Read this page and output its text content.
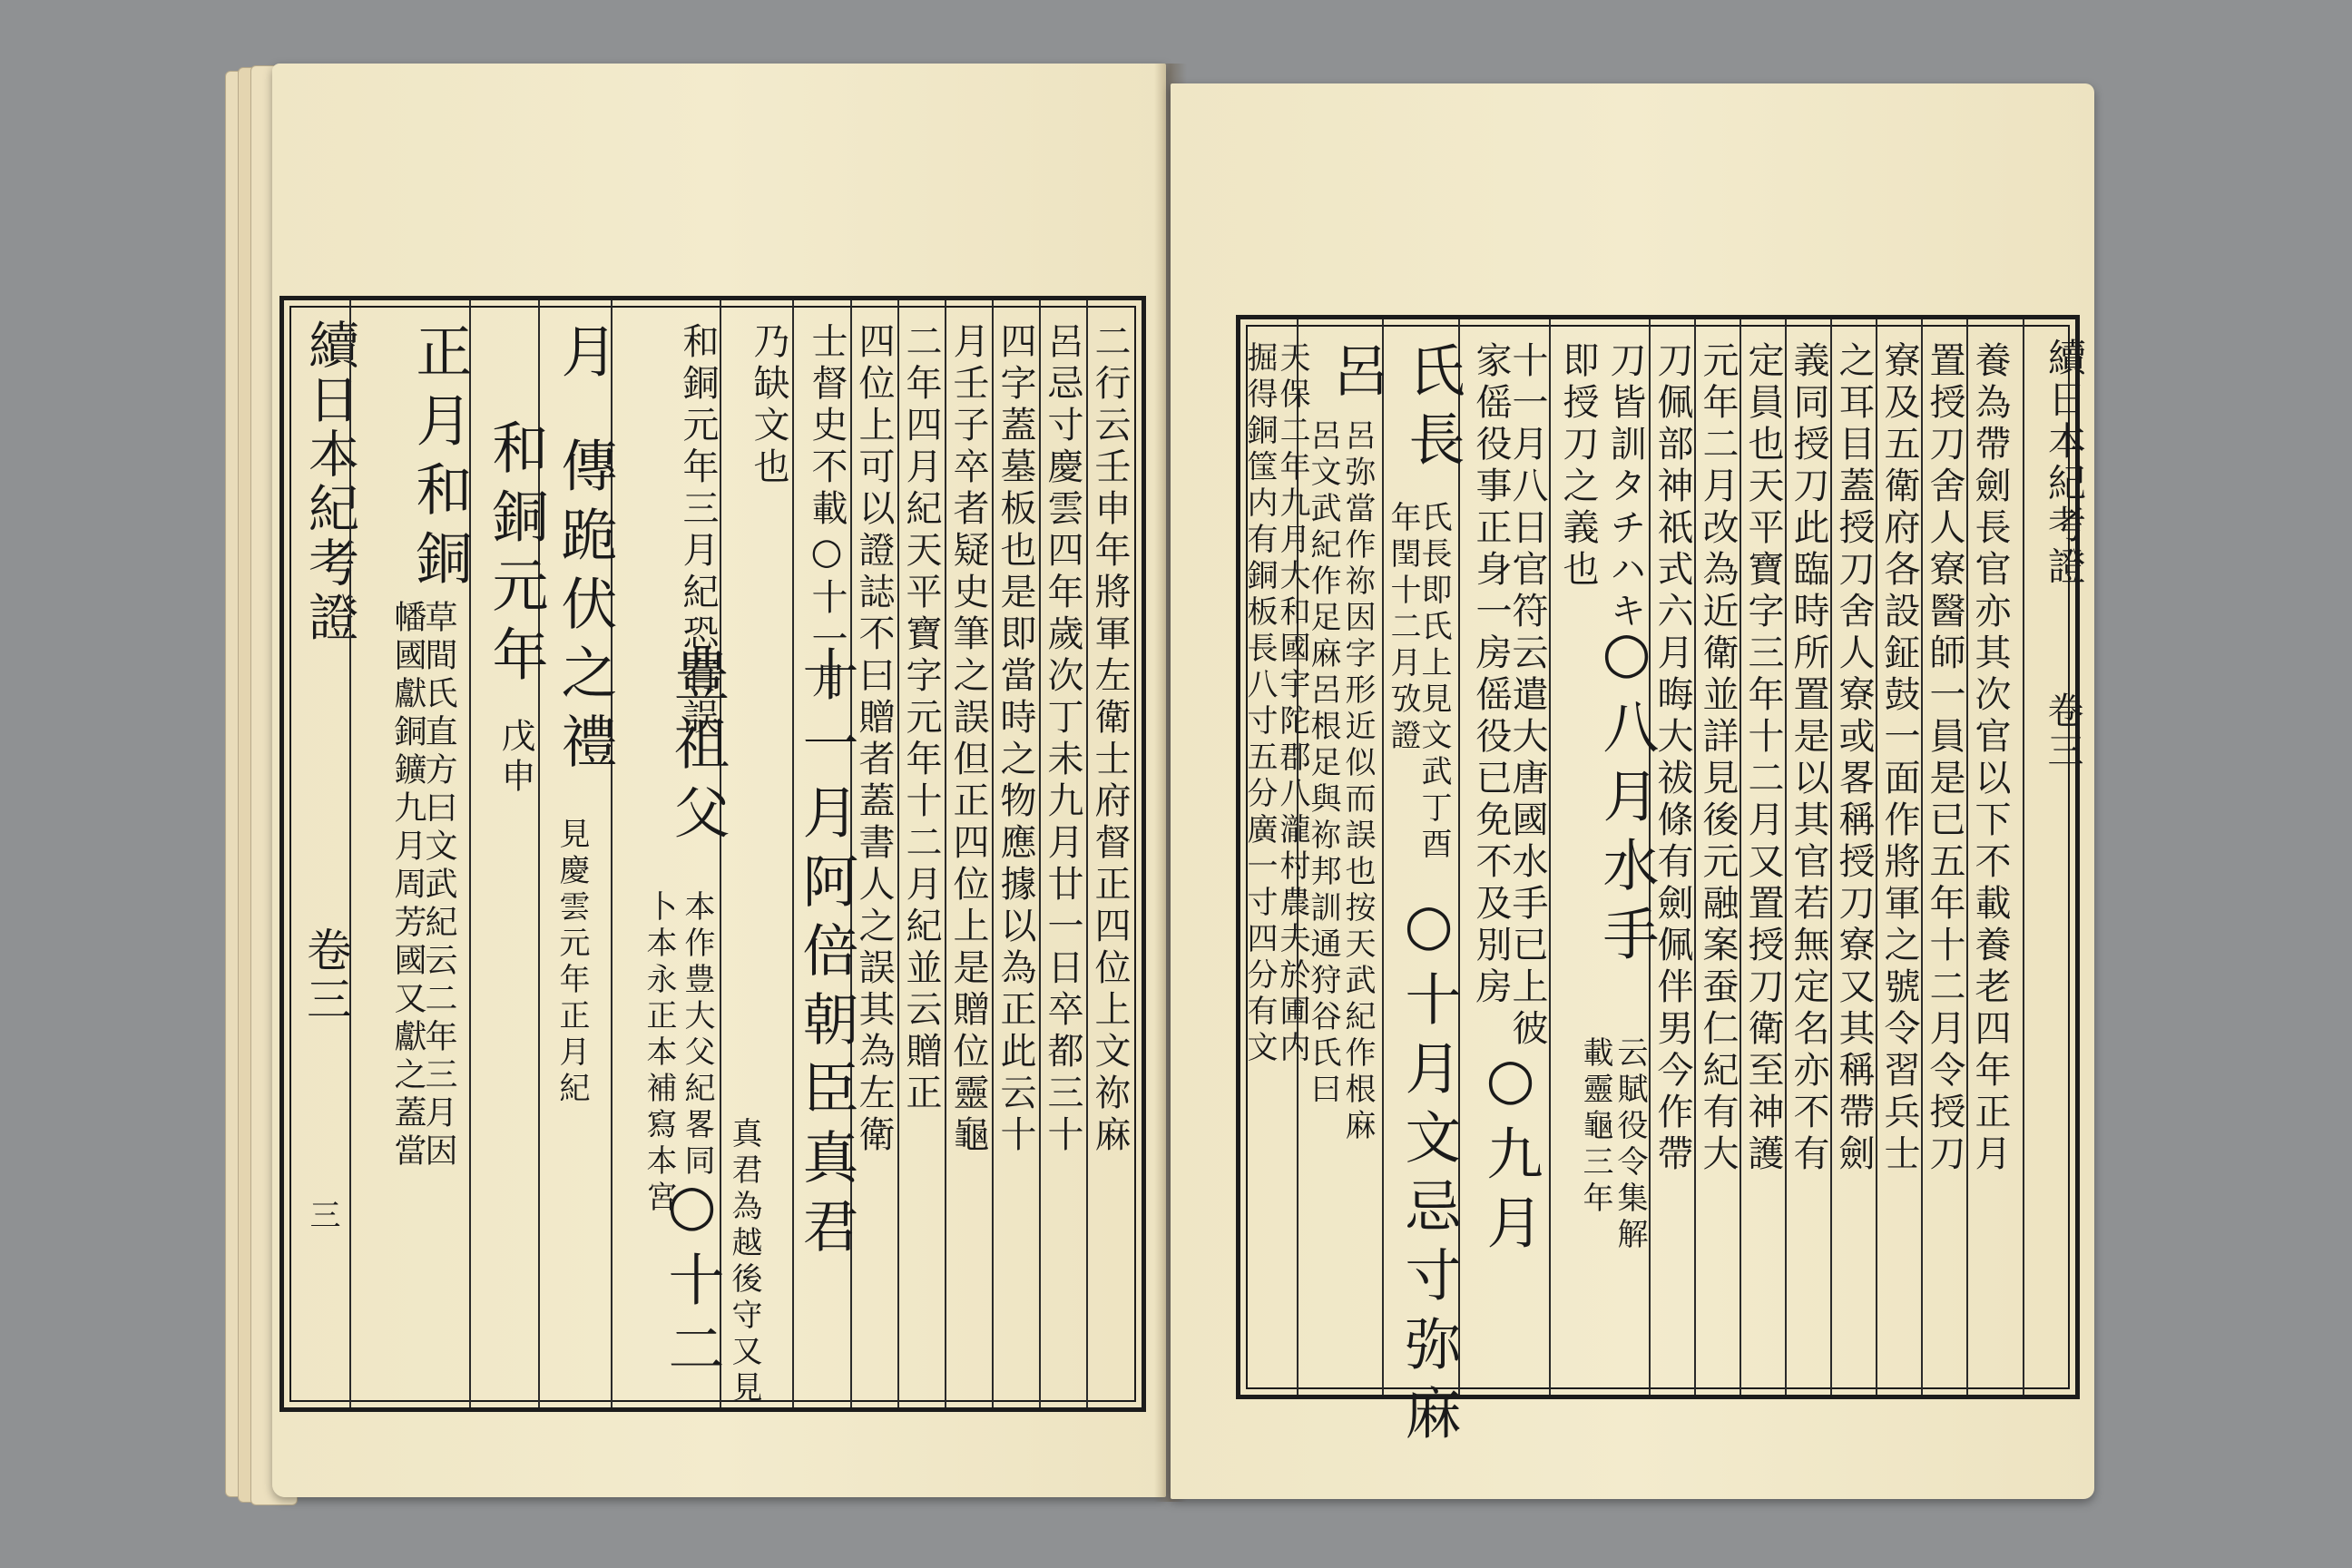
續日本紀考證
卷三
三
二行云壬申年將軍左衛士府督正四位上文祢麻
呂忌寸慶雲四年歲次丁未九月廿一日卒都三十
四字蓋墓板也是即當時之物應據以為正此云十
月壬子卒者疑史筆之誤但正四位上是贈位靈龜
二年四月紀天平寶字元年十二月紀並云贈正
四位上可以證誌不曰贈者蓋書人之誤其為左衛
士督史不載○十一月
十一月阿倍朝臣真君
乃缺文也
真君為越後守又見
和銅元年三月紀恐有誤
豊祖父
本作豊大父紀畧同
卜本永正本補寫本宮
○十二
月
傳跪伏之禮
見慶雲元年正月紀
和銅元年
戊申
正月和銅
草間氏直方曰文武紀云二年三月因
幡國獻銅鑛九月周芳國又獻之蓋當
續日本紀考證
卷三
養為帶劍長官亦其次官以下不載養老四年正月
置授刀舍人寮醫師一員是已五年十二月令授刀
寮及五衛府各設鉦鼓一面作將軍之號令習兵士
之耳目蓋授刀舍人寮或畧稱授刀寮又其稱帶劍
義同授刀此臨時所置是以其官若無定名亦不有
定員也天平寶字三年十二月又置授刀衛至神護
元年二月改為近衛並詳見後元融案蚕仁紀有大
刀佩部神祇式六月晦大祓條有劍佩伴男今作帶
刀皆訓タチハキ
○八月水手
云賦役令集解
即授刀之義也
載靈龜三年
十一月八日官符云遣大唐國水手已上彼
家傜役事正身一房傜役已免不及別房
○九月
氏長
氏長即氏上見文武丁酉
年閏十二月攷證
○十月文忌寸弥麻
呂
呂弥當作祢因字形近似而誤也按天武紀作根麻
呂文武紀作足麻呂根足與祢邦訓通狩谷氏曰
天保二年九月大和國宇陀郡八瀧村農夫於圃内
掘得銅筺内有銅板長八寸五分廣一寸四分有文
